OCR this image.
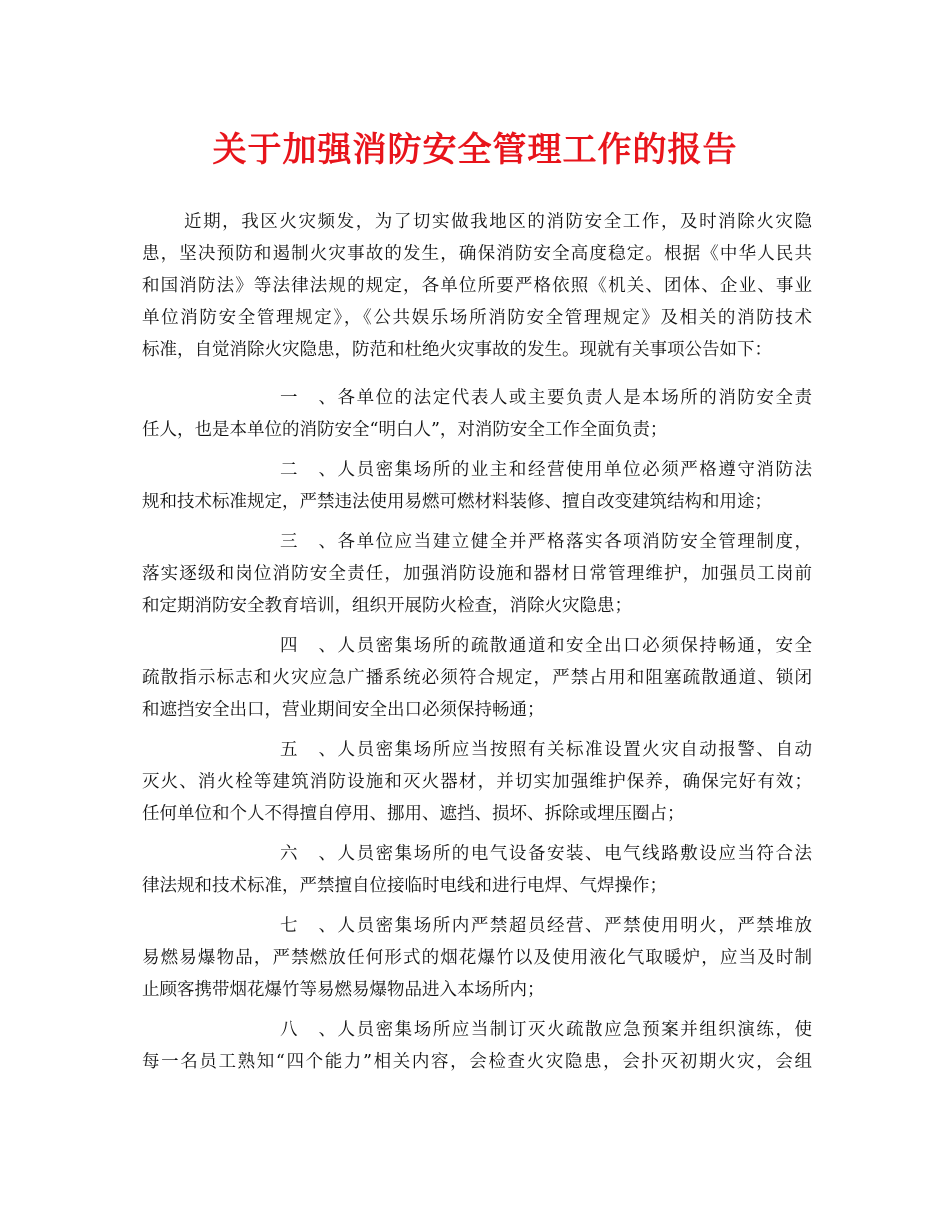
关于加强消防安全管理工作的报告

近期，我区火灾频发，为了切实做我地区的消防安全工作，及时消除火灾隐

患，坚决预防和遏制火灾事故的发生，确保消防安全高度稳定。根据《中华人民共

和国消防法》等法律法规的规定，各单位所要严格依照《机关、团体、企业、事业

单位消防安全管理规定》，《公共娱乐场所消防安全管理规定》及相关的消防技术

标准，自觉消除火灾隐患，防范和杜绝火灾事故的发生。现就有关事项公告如下：

一、各单位的法定代表人或主要负责人是本场所的消防安全责

任人，也是本单位的消防安全“明白人”，对消防安全工作全面负责；

二、人员密集场所的业主和经营使用单位必须严格遵守消防法

规和技术标准规定，严禁违法使用易燃可燃材料装修、擅自改变建筑结构和用途；

三、各单位应当建立健全并严格落实各项消防安全管理制度，

落实逐级和岗位消防安全责任，加强消防设施和器材日常管理维护，加强员工岗前

和定期消防安全教育培训，组织开展防火检查，消除火灾隐患；

四、人员密集场所的疏散通道和安全出口必须保持畅通，安全

疏散指示标志和火灾应急广播系统必须符合规定，严禁占用和阻塞疏散通道、锁闭

和遮挡安全出口，营业期间安全出口必须保持畅通；

五、人员密集场所应当按照有关标准设置火灾自动报警、自动

灭火、消火栓等建筑消防设施和灭火器材，并切实加强维护保养，确保完好有效；

任何单位和个人不得擅自停用、挪用、遮挡、损坏、拆除或埋压圈占；

六、人员密集场所的电气设备安装、电气线路敷设应当符合法

律法规和技术标准，严禁擅自位接临时电线和进行电焊、气焊操作；

七、人员密集场所内严禁超员经营、严禁使用明火，严禁堆放

易燃易爆物品，严禁燃放任何形式的烟花爆竹以及使用液化气取暖炉，应当及时制

止顾客携带烟花爆竹等易燃易爆物品进入本场所内；

八、人员密集场所应当制订灭火疏散应急预案并组织演练，使

每一名员工熟知“四个能力”相关内容，会检查火灾隐患，会扑灭初期火灾，会组
